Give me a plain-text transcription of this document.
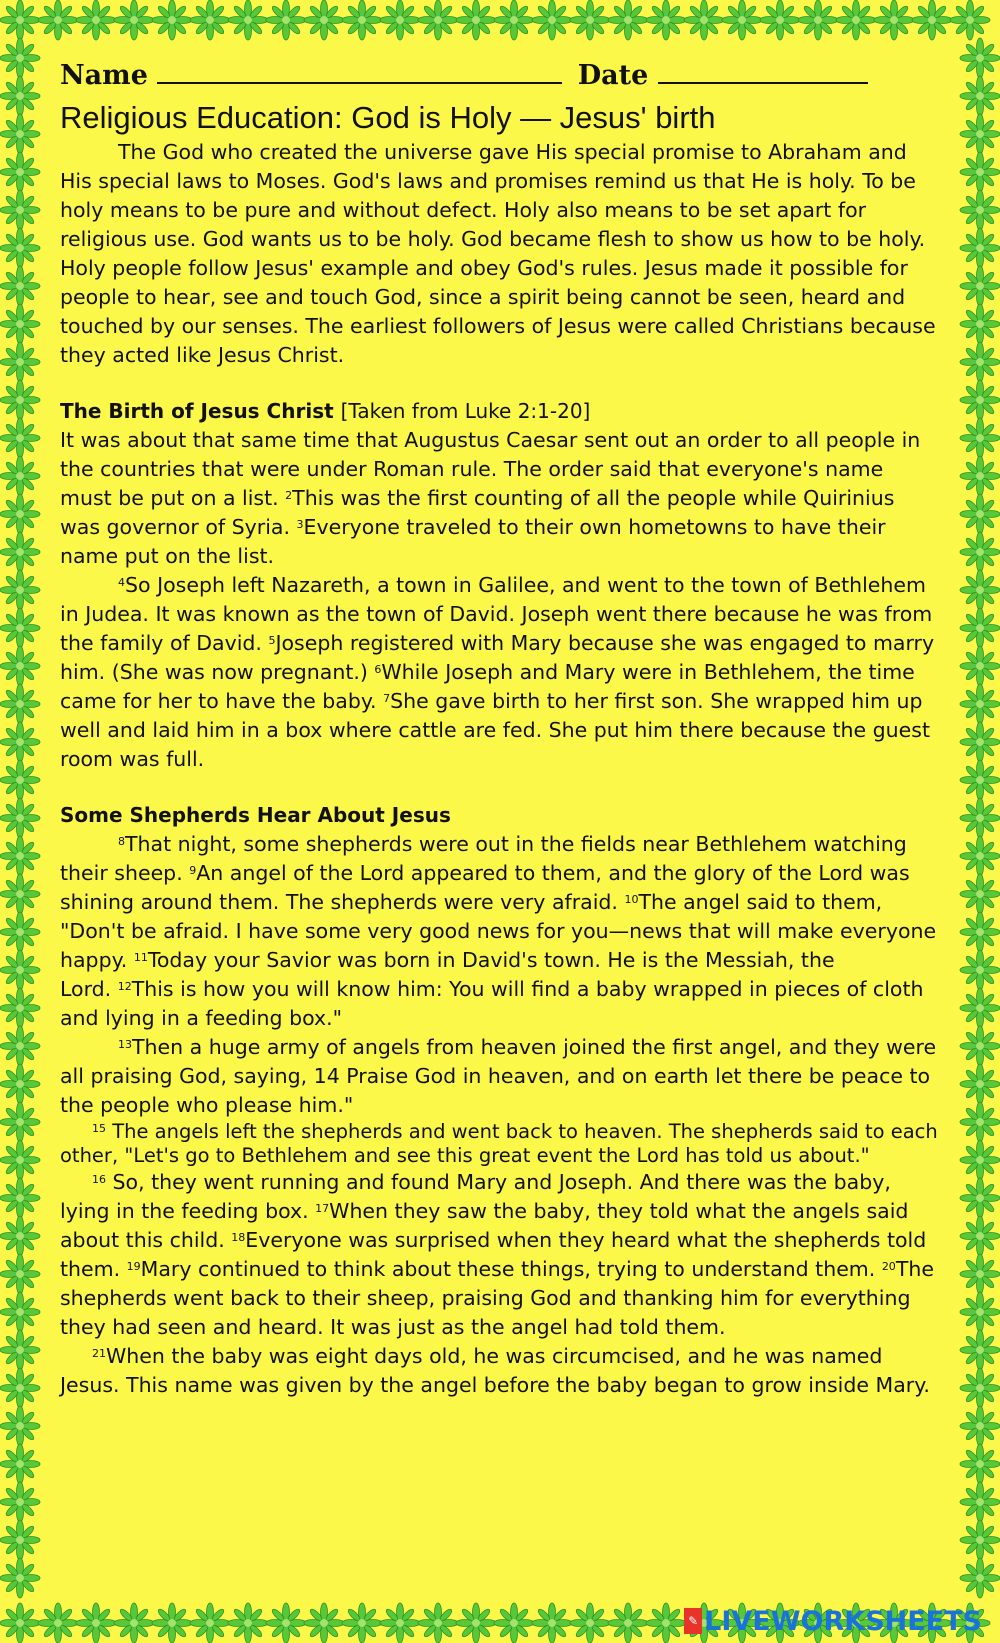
Name	Date
Religious Education: God is Holy — Jesus' birth

The God who created the universe gave His special promise to Abraham and His special laws to Moses. God's laws and promises remind us that He is holy. To be holy means to be pure and without defect. Holy also means to be set apart for religious use. God wants us to be holy. God became flesh to show us how to be holy. Holy people follow Jesus' example and obey God's rules. Jesus made it possible for people to hear, see and touch God, since a spirit being cannot be seen, heard and touched by our senses. The earliest followers of Jesus were called Christians because they acted like Jesus Christ.

The Birth of Jesus Christ [Taken from Luke 2:1-20]

It was about that same time that Augustus Caesar sent out an order to all people in the countries that were under Roman rule. The order said that everyone's name must be put on a list. $^2$This was the first counting of all the people while Quirinius was governor of Syria. $^3$Everyone traveled to their own hometowns to have their name put on the list.

$^4$So Joseph left Nazareth, a town in Galilee, and went to the town of Bethlehem in Judea. It was known as the town of David. Joseph went there because he was from the family of David. $^5$Joseph registered with Mary because she was engaged to marry him. (She was now pregnant.) $^6$While Joseph and Mary were in Bethlehem, the time came for her to have the baby. $^7$She gave birth to her first son. She wrapped him up well and laid him in a box where cattle are fed. She put him there because the guest room was full.

Some Shepherds Hear About Jesus

$^8$That night, some shepherds were out in the fields near Bethlehem watching their sheep. $^9$An angel of the Lord appeared to them, and the glory of the Lord was shining around them. The shepherds were very afraid. $^{10}$The angel said to them, "Don't be afraid. I have some very good news for you—news that will make everyone happy. $^{11}$Today your Savior was born in David's town. He is the Messiah, the

Lord. $^{12}$This is how you will know him: You will find a baby wrapped in pieces of cloth and lying in a feeding box."

$^{13}$Then a huge army of angels from heaven joined the first angel, and they were all praising God, saying, 14 Praise God in heaven, and on earth let there be peace to the people who please him."

$^{15}$ The angels left the shepherds and went back to heaven. The shepherds said to each other, "Let's go to Bethlehem and see this great event the Lord has told us about."

$^{16}$ So, they went running and found Mary and Joseph. And there was the baby, lying in the feeding box. $^{17}$When they saw the baby, they told what the angels said about this child. $^{18}$Everyone was surprised when they heard what the shepherds told them. $^{19}$Mary continued to think about these things, trying to understand them. $^{20}$The shepherds went back to their sheep, praising God and thanking him for everything they had seen and heard. It was just as the angel had told them.

$^{21}$When the baby was eight days old, he was circumcised, and he was named Jesus. This name was given by the angel before the baby began to grow inside Mary.

✎ LIVEWORKSHEETS
